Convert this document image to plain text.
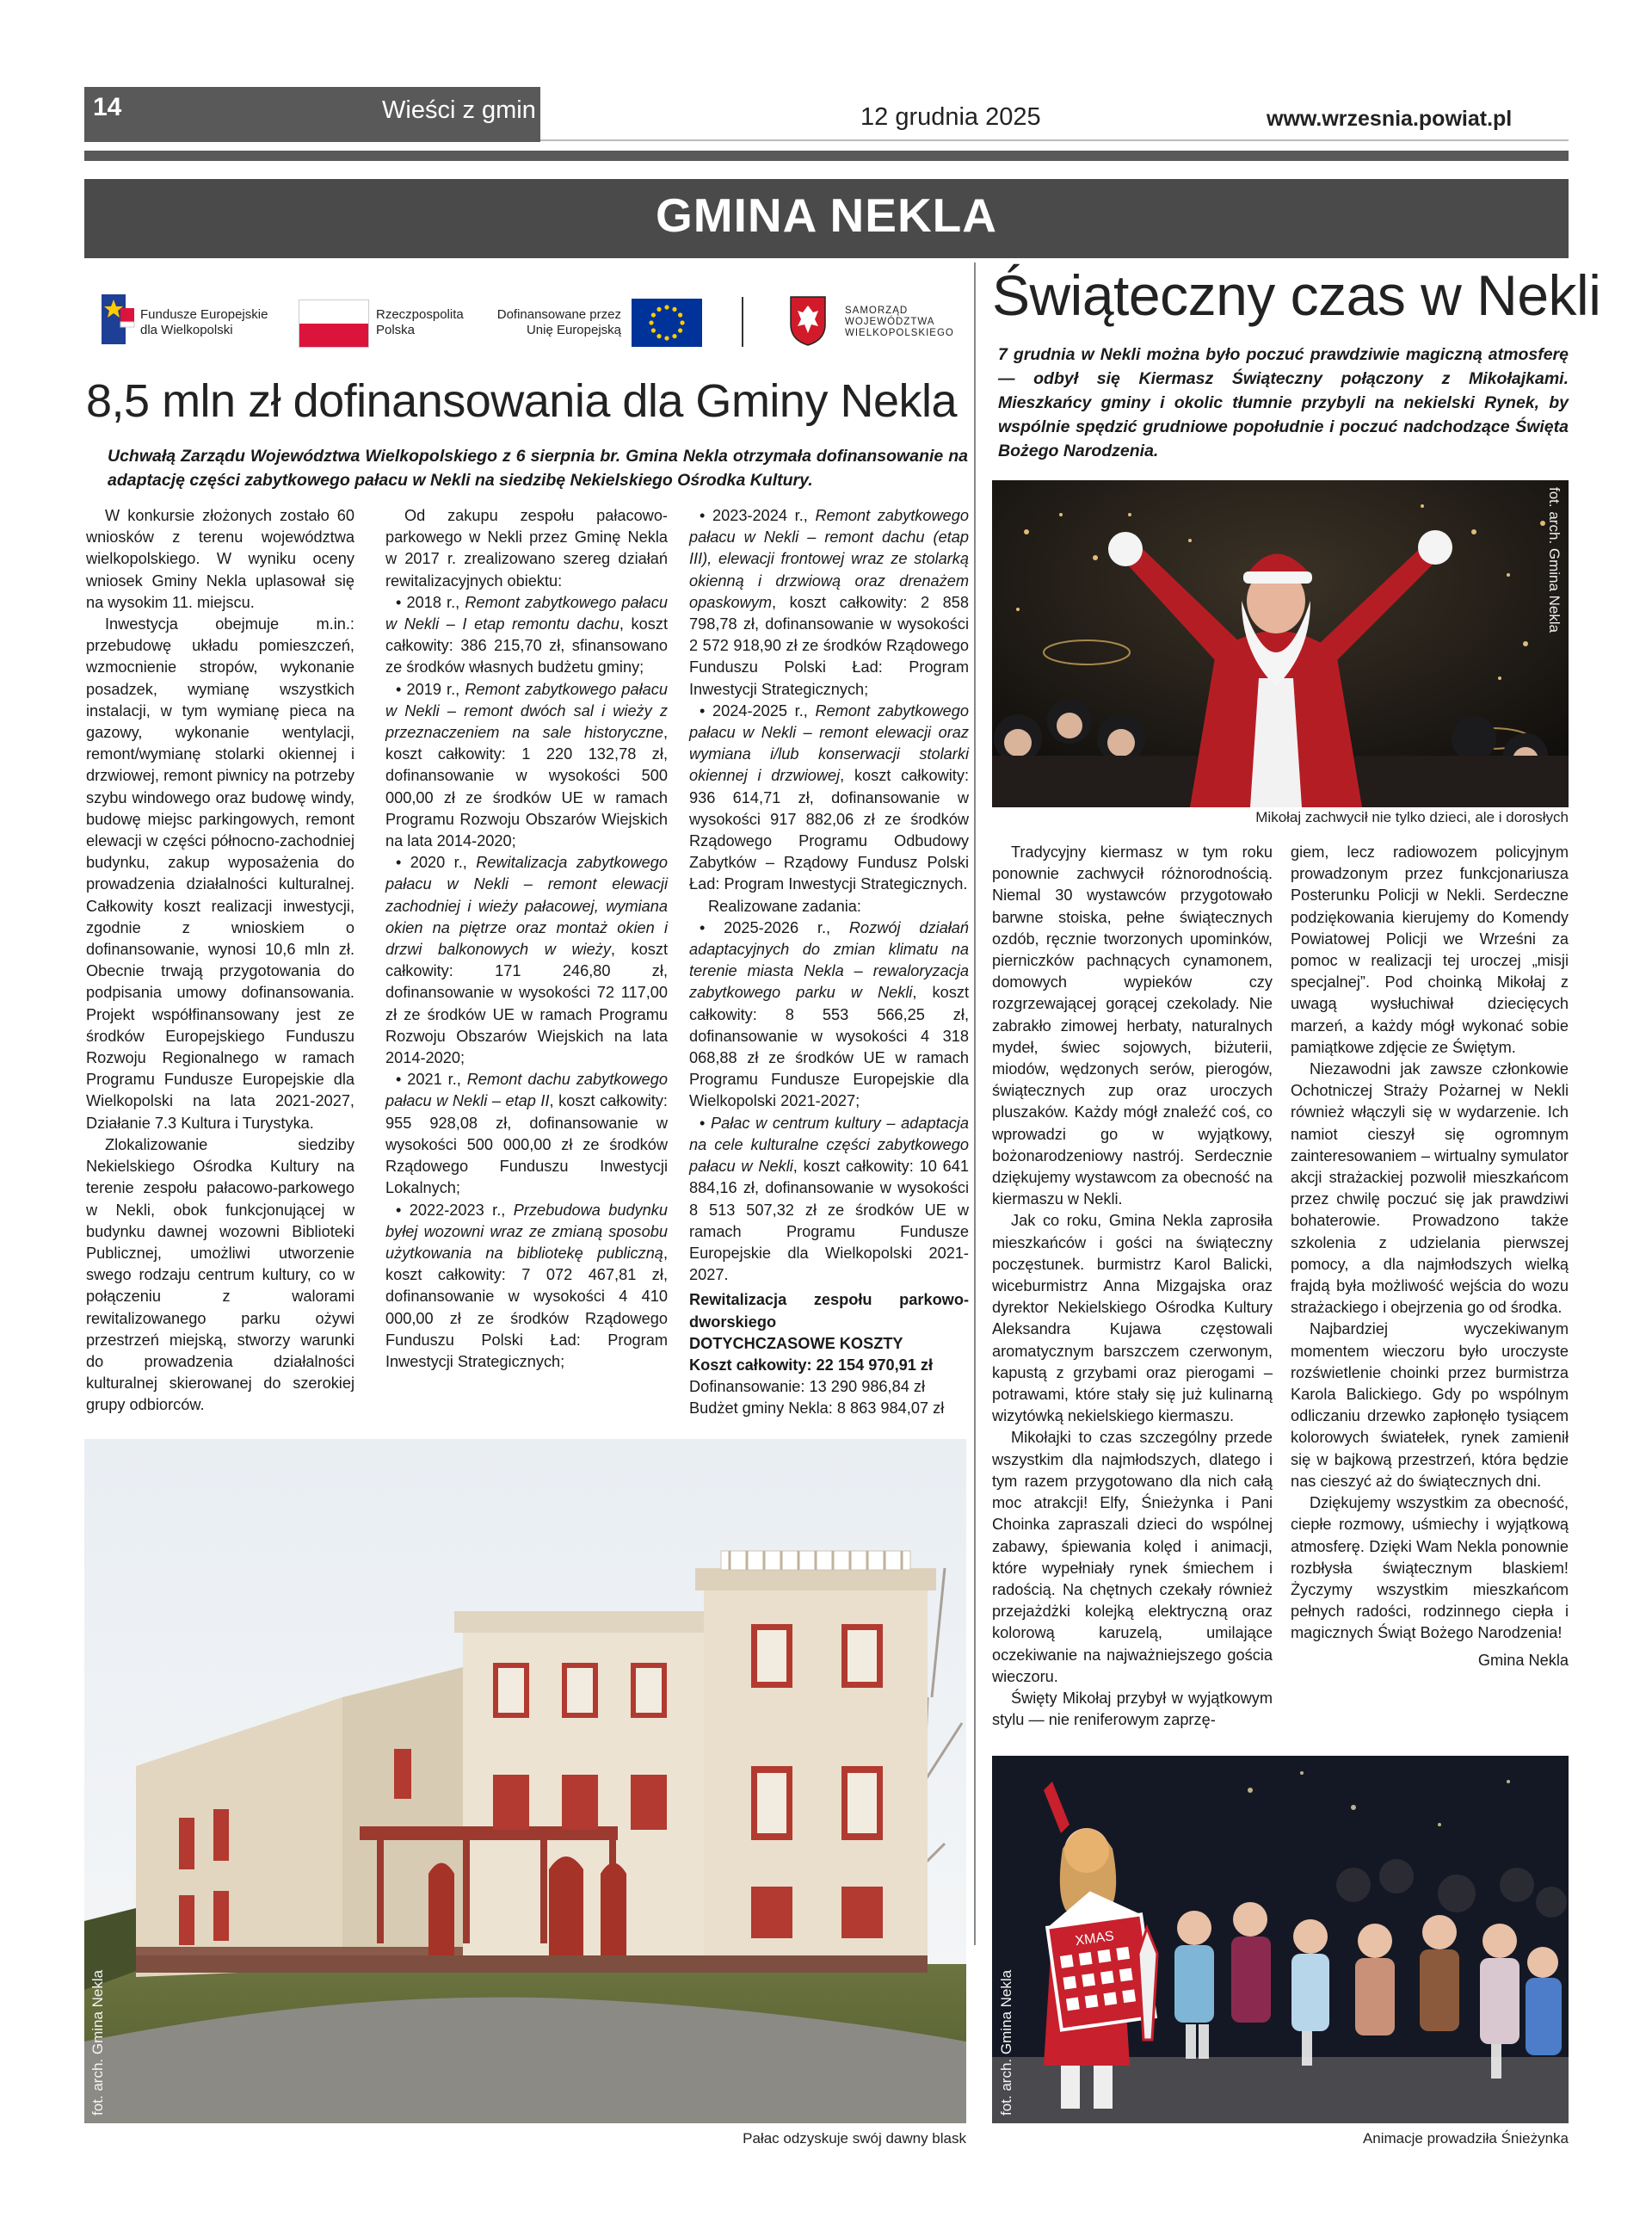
14	Wieści z gmin	12 grudnia 2025	www.wrzesnia.powiat.pl
GMINA NEKLA
Fundusze Europejskie dla Wielkopolski
Rzeczpospolita Polska
Dofinansowane przez Unię Europejską
SAMORZĄD WOJEWÓDZTWA WIELKOPOLSKIEGO
8,5 mln zł dofinansowania dla Gminy Nekla
Uchwałą Zarządu Województwa Wielkopolskiego z 6 sierpnia br. Gmina Nekla otrzymała dofinansowanie na adaptację części zabytkowego pałacu w Nekli na siedzibę Nekielskiego Ośrodka Kultury.

W konkursie złożonych zostało 60 wniosków z terenu województwa wielkopolskiego. W wyniku oceny wniosek Gminy Nekla uplasował się na wysokim 11. miejscu.

Inwestycja obejmuje m.in.: przebudowę układu pomieszczeń, wzmocnienie stropów, wykonanie posadzek, wymianę wszystkich instalacji, w tym wymianę pieca na gazowy, wykonanie wentylacji, remont/wymianę stolarki okiennej i drzwiowej, remont piwnicy na potrzeby szybu windowego oraz budowę windy, budowę miejsc parkingowych, remont elewacji w części północno-zachodniej budynku, zakup wyposażenia do prowadzenia działalności kulturalnej. Całkowity koszt realizacji inwestycji, zgodnie z wnioskiem o dofinansowanie, wynosi 10,6 mln zł. Obecnie trwają przygotowania do podpisania umowy dofinansowania. Projekt współfinansowany jest ze środków Europejskiego Funduszu Rozwoju Regionalnego w ramach Programu Fundusze Europejskie dla Wielkopolski na lata 2021-2027, Działanie 7.3 Kultura i Turystyka.

Zlokalizowanie siedziby Nekielskiego Ośrodka Kultury na terenie zespołu pałacowo-parkowego w Nekli, obok funkcjonującej w budynku dawnej wozowni Biblioteki Publicznej, umożliwi utworzenie swego rodzaju centrum kultury, co w połączeniu z walorami rewitalizowanego parku ożywi przestrzeń miejską, stworzy warunki do prowadzenia działalności kulturalnej skierowanej do szerokiej grupy odbiorców.

Od zakupu zespołu pałacowo-parkowego w Nekli przez Gminę Nekla w 2017 r. zrealizowano szereg działań rewitalizacyjnych obiektu:

• 2018 r., Remont zabytkowego pałacu w Nekli – I etap remontu dachu, koszt całkowity: 386 215,70 zł, sfinansowano ze środków własnych budżetu gminy;

• 2019 r., Remont zabytkowego pałacu w Nekli – remont dwóch sal i wieży z przeznaczeniem na sale historyczne, koszt całkowity: 1 220 132,78 zł, dofinansowanie w wysokości 500 000,00 zł ze środków UE w ramach Programu Rozwoju Obszarów Wiejskich na lata 2014-2020;

• 2020 r., Rewitalizacja zabytkowego pałacu w Nekli – remont elewacji zachodniej i wieży pałacowej, wymiana okien na piętrze oraz montaż okien i drzwi balkonowych w wieży, koszt całkowity: 171 246,80 zł, dofinansowanie w wysokości 72 117,00 zł ze środków UE w ramach Programu Rozwoju Obszarów Wiejskich na lata 2014-2020;

• 2021 r., Remont dachu zabytkowego pałacu w Nekli – etap II, koszt całkowity: 955 928,08 zł, dofinansowanie w wysokości 500 000,00 zł ze środków Rządowego Funduszu Inwestycji Lokalnych;

• 2022-2023 r., Przebudowa budynku byłej wozowni wraz ze zmianą sposobu użytkowania na bibliotekę publiczną, koszt całkowity: 7 072 467,81 zł, dofinansowanie w wysokości 4 410 000,00 zł ze środków Rządowego Funduszu Polski Ład: Program Inwestycji Strategicznych;

• 2023-2024 r., Remont zabytkowego pałacu w Nekli – remont dachu (etap III), elewacji frontowej wraz ze stolarką okienną i drzwiową oraz drenażem opaskowym, koszt całkowity: 2 858 798,78 zł, dofinansowanie w wysokości 2 572 918,90 zł ze środków Rządowego Funduszu Polski Ład: Program Inwestycji Strategicznych;

• 2024-2025 r., Remont zabytkowego pałacu w Nekli – remont elewacji oraz wymiana i/lub konserwacji stolarki okiennej i drzwiowej, koszt całkowity: 936 614,71 zł, dofinansowanie w wysokości 917 882,06 zł ze środków Rządowego Programu Odbudowy Zabytków – Rządowy Fundusz Polski Ład: Program Inwestycji Strategicznych.

Realizowane zadania:

• 2025-2026 r., Rozwój działań adaptacyjnych do zmian klimatu na terenie miasta Nekla – rewaloryzacja zabytkowego parku w Nekli, koszt całkowity: 8 553 566,25 zł, dofinansowanie w wysokości 4 318 068,88 zł ze środków UE w ramach Programu Fundusze Europejskie dla Wielkopolski 2021-2027;

• Pałac w centrum kultury – adaptacja na cele kulturalne części zabytkowego pałacu w Nekli, koszt całkowity: 10 641 884,16 zł, dofinansowanie w wysokości 8 513 507,32 zł ze środków UE w ramach Programu Fundusze Europejskie dla Wielkopolski 2021-2027.

Rewitalizacja zespołu parkowo-dworskiego

DOTYCHCZASOWE KOSZTY

Koszt całkowity: 22 154 970,91 zł

Dofinansowanie: 13 290 986,84 zł

Budżet gminy Nekla: 8 863 984,07 zł

fot. arch. Gmina Nekla
Pałac odzyskuje swój dawny blask
Świąteczny czas w Nekli
7 grudnia w Nekli można było poczuć prawdziwie magiczną atmosferę — odbył się Kiermasz Świąteczny połączony z Mikołajkami. Mieszkańcy gminy i okolic tłumnie przybyli na nekielski Rynek, by wspólnie spędzić grudniowe popołudnie i poczuć nadchodzące Święta Bożego Narodzenia.
fot. arch. Gmina Nekla
Mikołaj zachwycił nie tylko dzieci, ale i dorosłych

Tradycyjny kiermasz w tym roku ponownie zachwycił różnorodnością. Niemal 30 wystawców przygotowało barwne stoiska, pełne świątecznych ozdób, ręcznie tworzonych upominków, pierniczków pachnących cynamonem, domowych wypieków czy rozgrzewającej gorącej czekolady. Nie zabrakło zimowej herbaty, naturalnych mydeł, świec sojowych, biżuterii, miodów, wędzonych serów, pierogów, świątecznych zup oraz uroczych pluszaków. Każdy mógł znaleźć coś, co wprowadzi go w wyjątkowy, bożonarodzeniowy nastrój. Serdecznie dziękujemy wystawcom za obecność na kiermaszu w Nekli.

Jak co roku, Gmina Nekla zaprosiła mieszkańców i gości na świąteczny poczęstunek. burmistrz Karol Balicki, wiceburmistrz Anna Mizgajska oraz dyrektor Nekielskiego Ośrodka Kultury Aleksandra Kujawa częstowali aromatycznym barszczem czerwonym, kapustą z grzybami oraz pierogami – potrawami, które stały się już kulinarną wizytówką nekielskiego kiermaszu.

Mikołajki to czas szczególny przede wszystkim dla najmłodszych, dlatego i tym razem przygotowano dla nich całą moc atrakcji! Elfy, Śnieżynka i Pani Choinka zapraszali dzieci do wspólnej zabawy, śpiewania kolęd i animacji, które wypełniały rynek śmiechem i radością. Na chętnych czekały również przejażdżki kolejką elektryczną oraz kolorową karuzelą, umilające oczekiwanie na najważniejszego gościa wieczoru.

Święty Mikołaj przybył w wyjątkowym stylu — nie reniferowym zaprzę-

giem, lecz radiowozem policyjnym prowadzonym przez funkcjonariusza Posterunku Policji w Nekli. Serdeczne podziękowania kierujemy do Komendy Powiatowej Policji we Wrześni za pomoc w realizacji tej uroczej „misji specjalnej”. Pod choinką Mikołaj z uwagą wysłuchiwał dziecięcych marzeń, a każdy mógł wykonać sobie pamiątkowe zdjęcie ze Świętym.

Niezawodni jak zawsze członkowie Ochotniczej Straży Pożarnej w Nekli również włączyli się w wydarzenie. Ich namiot cieszył się ogromnym zainteresowaniem – wirtualny symulator akcji strażackiej pozwolił mieszkańcom przez chwilę poczuć się jak prawdziwi bohaterowie. Prowadzono także szkolenia z udzielania pierwszej pomocy, a dla najmłodszych wielką frajdą była możliwość wejścia do wozu strażackiego i obejrzenia go od środka.

Najbardziej wyczekiwanym momentem wieczoru było uroczyste rozświetlenie choinki przez burmistrza Karola Balickiego. Gdy po wspólnym odliczaniu drzewko zapłonęło tysiącem kolorowych światełek, rynek zamienił się w bajkową przestrzeń, która będzie nas cieszyć aż do świątecznych dni.

Dziękujemy wszystkim za obecność, ciepłe rozmowy, uśmiechy i wyjątkową atmosferę. Dzięki Wam Nekla ponownie rozbłysła świątecznym blaskiem! Życzymy wszystkim mieszkańcom pełnych radości, rodzinnego ciepła i magicznych Świąt Bożego Narodzenia!

Gmina Nekla

XMAS
fot. arch. Gmina Nekla
Animacje prowadziła Śnieżynka
